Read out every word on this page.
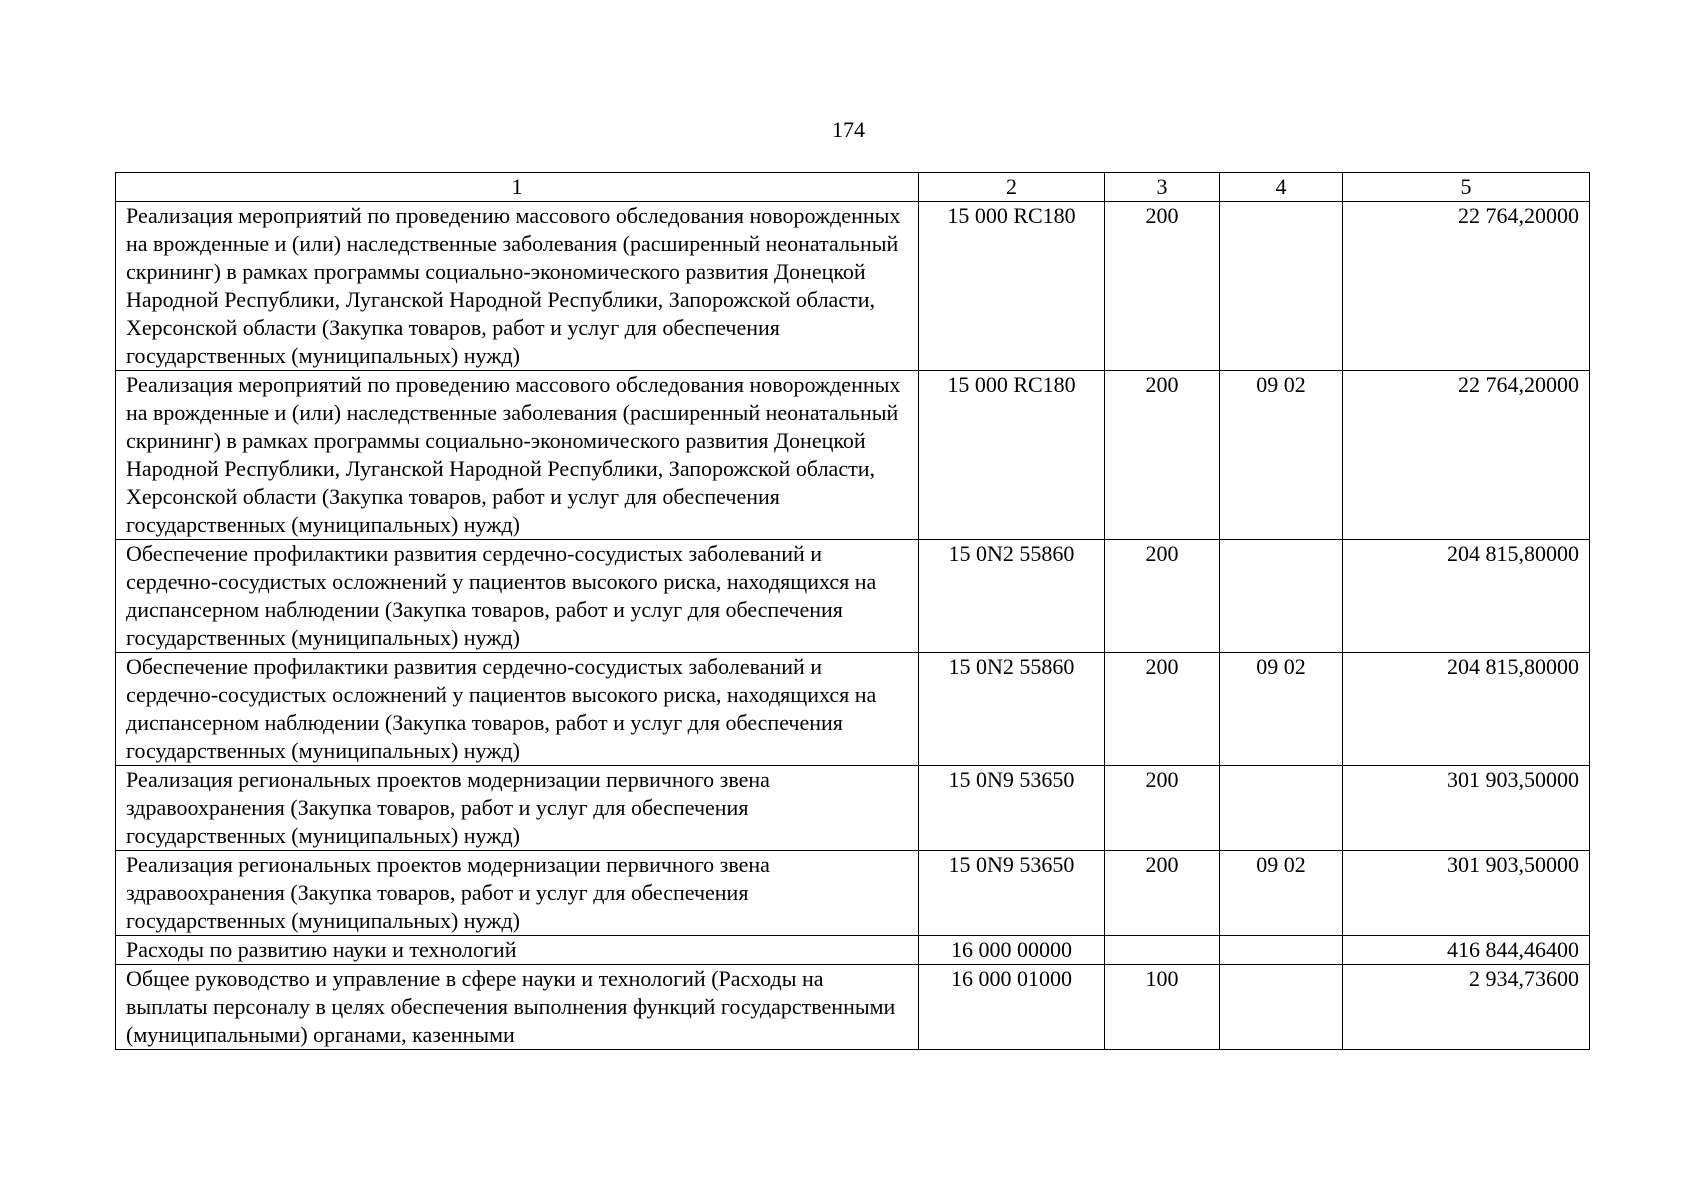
174
1	2	3	4	5
Реализация мероприятий по проведению массового обследования новорожденных на врожденные и (или) наследственные заболевания (расширенный неонатальный скрининг) в рамках программы социально-экономического развития Донецкой Народной Республики, Луганской Народной Республики, Запорожской области, Херсонской области (Закупка товаров, работ и услуг для обеспечения государственных (муниципальных) нужд)	15 000 RC180	200		22 764,20000
Реализация мероприятий по проведению массового обследования новорожденных на врожденные и (или) наследственные заболевания (расширенный неонатальный скрининг) в рамках программы социально-экономического развития Донецкой Народной Республики, Луганской Народной Республики, Запорожской области, Херсонской области (Закупка товаров, работ и услуг для обеспечения государственных (муниципальных) нужд)	15 000 RC180	200	09 02	22 764,20000
Обеспечение профилактики развития сердечно-сосудистых заболеваний и сердечно-сосудистых осложнений у пациентов высокого риска, находящихся на диспансерном наблюдении (Закупка товаров, работ и услуг для обеспечения государственных (муниципальных) нужд)	15 0N2 55860	200		204 815,80000
Обеспечение профилактики развития сердечно-сосудистых заболеваний и сердечно-сосудистых осложнений у пациентов высокого риска, находящихся на диспансерном наблюдении (Закупка товаров, работ и услуг для обеспечения государственных (муниципальных) нужд)	15 0N2 55860	200	09 02	204 815,80000
Реализация региональных проектов модернизации первичного звена здравоохранения (Закупка товаров, работ и услуг для обеспечения государственных (муниципальных) нужд)	15 0N9 53650	200		301 903,50000
Реализация региональных проектов модернизации первичного звена здравоохранения (Закупка товаров, работ и услуг для обеспечения государственных (муниципальных) нужд)	15 0N9 53650	200	09 02	301 903,50000
Расходы по развитию науки и технологий	16 000 00000			416 844,46400
Общее руководство и управление в сфере науки и технологий (Расходы на выплаты персоналу в целях обеспечения выполнения функций государственными (муниципальными) органами, казенными	16 000 01000	100		2 934,73600
